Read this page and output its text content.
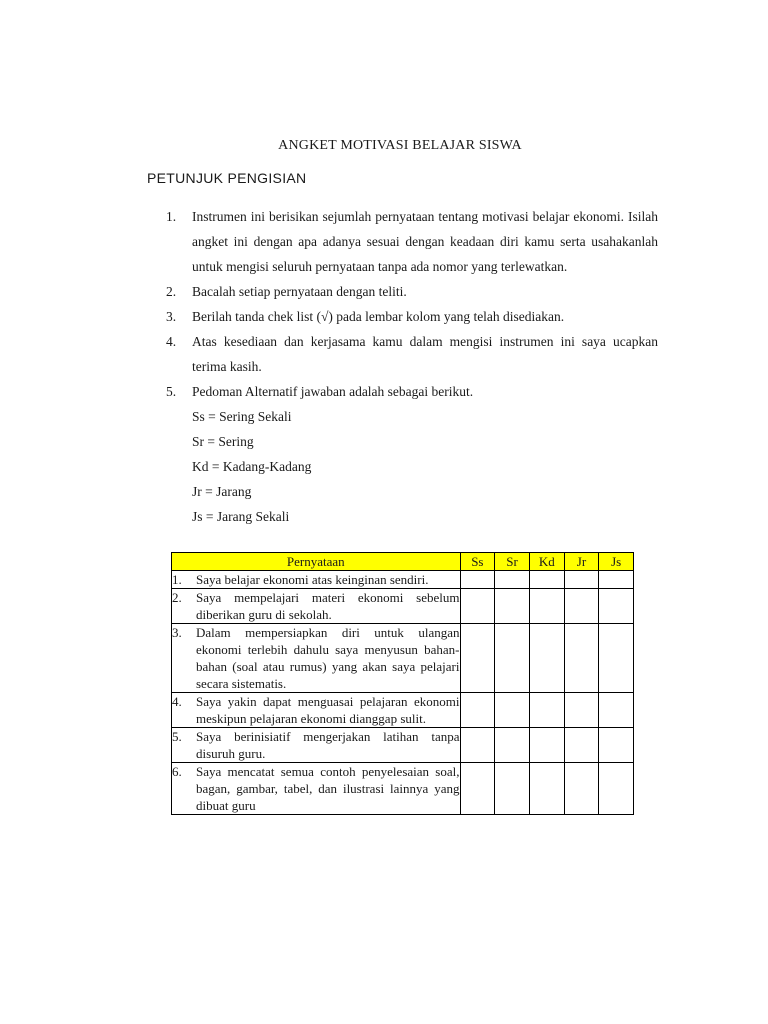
ANGKET MOTIVASI BELAJAR SISWA
PETUNJUK PENGISIAN
1. Instrumen ini berisikan sejumlah pernyataan tentang motivasi belajar ekonomi. Isilah angket ini dengan apa adanya sesuai dengan keadaan diri kamu serta usahakanlah untuk mengisi seluruh pernyataan tanpa ada nomor yang terlewatkan.
2. Bacalah setiap pernyataan dengan teliti.
3. Berilah tanda chek list (√) pada lembar kolom yang telah disediakan.
4. Atas kesediaan dan kerjasama kamu dalam mengisi instrumen ini saya ucapkan terima kasih.
5. Pedoman Alternatif jawaban adalah sebagai berikut.
Ss = Sering Sekali
Sr = Sering
Kd = Kadang-Kadang
Jr = Jarang
Js = Jarang Sekali
Pernyataan	Ss	Sr	Kd	Jr	Js

1. Saya belajar ekonomi atas keinginan sendiri.					

2. Saya mempelajari materi ekonomi sebelum diberikan guru di sekolah.					

3. Dalam mempersiapkan diri untuk ulangan ekonomi terlebih dahulu saya menyusun bahan-bahan (soal atau rumus) yang akan saya pelajari secara sistematis.					

4. Saya yakin dapat menguasai pelajaran ekonomi meskipun pelajaran ekonomi dianggap sulit.					

5. Saya berinisiatif mengerjakan latihan tanpa disuruh guru.					

6. Saya mencatat semua contoh penyelesaian soal, bagan, gambar, tabel, dan ilustrasi lainnya yang dibuat guru					
